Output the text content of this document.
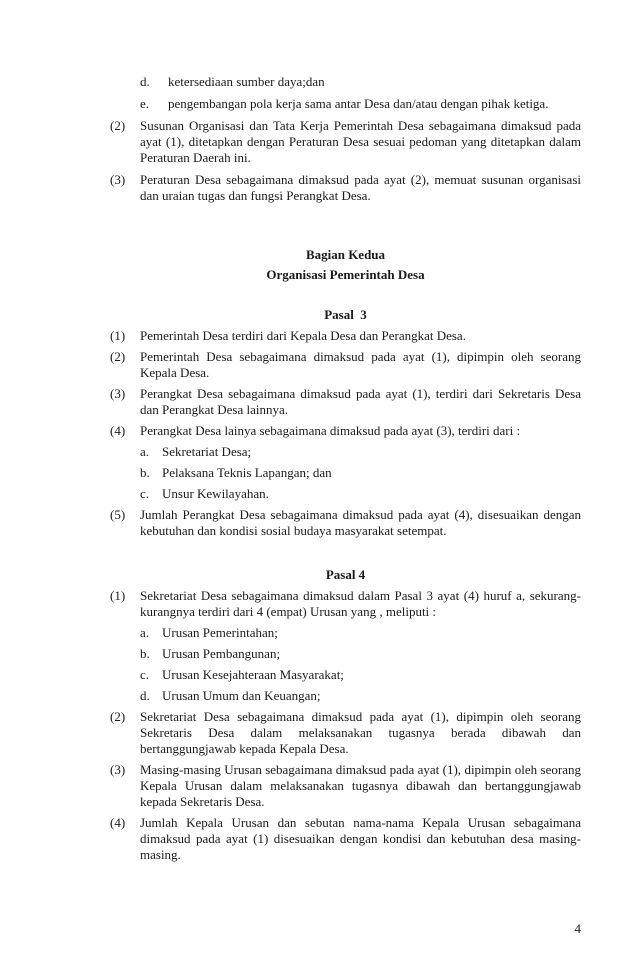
d.	ketersediaan sumber daya;dan
e.	pengembangan pola kerja sama antar Desa dan/atau dengan pihak ketiga.
(2)	Susunan Organisasi dan Tata Kerja Pemerintah Desa sebagaimana dimaksud pada ayat (1), ditetapkan dengan Peraturan Desa sesuai pedoman yang ditetapkan dalam Peraturan Daerah ini.
(3)	Peraturan Desa sebagaimana dimaksud pada ayat (2), memuat susunan organisasi dan uraian tugas dan fungsi Perangkat Desa.
Bagian Kedua
Organisasi Pemerintah Desa
Pasal  3
(1)	Pemerintah Desa terdiri dari Kepala Desa dan Perangkat Desa.
(2)	Pemerintah Desa sebagaimana dimaksud pada ayat (1), dipimpin oleh seorang Kepala Desa.
(3)	Perangkat Desa sebagaimana dimaksud pada ayat (1), terdiri dari Sekretaris Desa dan Perangkat Desa lainnya.
(4)	Perangkat Desa lainya sebagaimana dimaksud pada ayat (3), terdiri dari :
a. Sekretariat Desa;
b. Pelaksana Teknis Lapangan; dan
c. Unsur Kewilayahan.
(5)	Jumlah Perangkat Desa sebagaimana dimaksud pada ayat (4), disesuaikan dengan kebutuhan dan kondisi sosial budaya masyarakat setempat.
Pasal 4
(1)	Sekretariat Desa sebagaimana dimaksud dalam Pasal 3 ayat (4) huruf a, sekurang-kurangnya terdiri dari 4 (empat) Urusan yang , meliputi :
a. Urusan Pemerintahan;
b. Urusan Pembangunan;
c. Urusan Kesejahteraan Masyarakat;
d. Urusan Umum dan Keuangan;
(2)	Sekretariat Desa sebagaimana dimaksud pada ayat (1), dipimpin oleh seorang Sekretaris Desa dalam melaksanakan tugasnya berada dibawah dan bertanggungjawab kepada Kepala Desa.
(3)	Masing-masing Urusan sebagaimana dimaksud pada ayat (1), dipimpin oleh seorang Kepala Urusan dalam melaksanakan tugasnya dibawah dan bertanggungjawab kepada Sekretaris Desa.
(4)	Jumlah Kepala Urusan dan sebutan nama-nama Kepala Urusan sebagaimana dimaksud pada ayat (1) disesuaikan dengan kondisi dan kebutuhan desa masing-masing.
4
